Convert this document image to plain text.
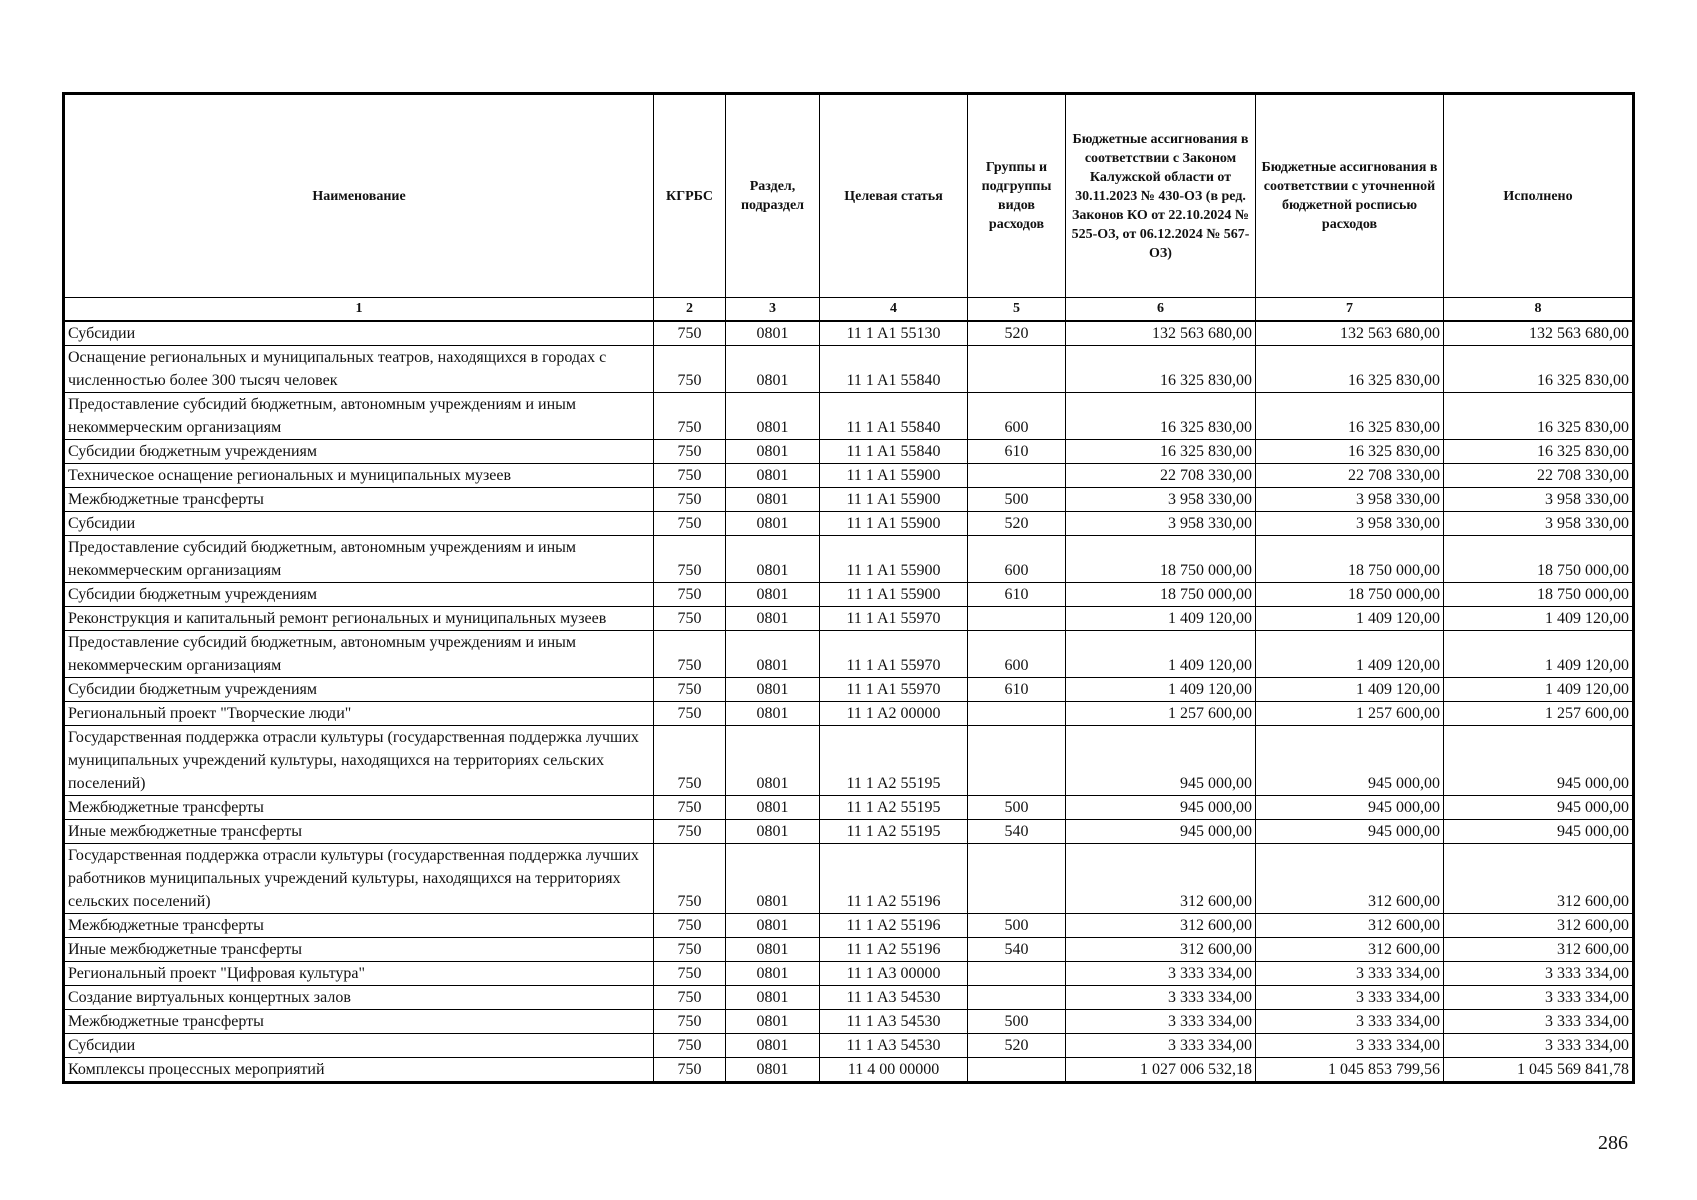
Наименование	КГРБС	Раздел, подраздел	Целевая статья	Группы и подгруппы видов расходов	Бюджетные ассигнования в соответствии с Законом Калужской области от 30.11.2023 № 430-ОЗ (в ред. Законов КО от 22.10.2024 № 525-ОЗ, от 06.12.2024 № 567-ОЗ)	Бюджетные ассигнования в соответствии с уточненной бюджетной росписью расходов	Исполнено
1	2	3	4	5	6	7	8
Субсидии	750	0801	11 1 A1 55130	520	132 563 680,00	132 563 680,00	132 563 680,00
Оснащение региональных и муниципальных театров, находящихся в городах с численностью более 300 тысяч человек	750	0801	11 1 A1 55840		16 325 830,00	16 325 830,00	16 325 830,00
Предоставление субсидий бюджетным, автономным учреждениям и иным некоммерческим организациям	750	0801	11 1 A1 55840	600	16 325 830,00	16 325 830,00	16 325 830,00
Субсидии бюджетным учреждениям	750	0801	11 1 A1 55840	610	16 325 830,00	16 325 830,00	16 325 830,00
Техническое оснащение региональных и муниципальных музеев	750	0801	11 1 A1 55900		22 708 330,00	22 708 330,00	22 708 330,00
Межбюджетные трансферты	750	0801	11 1 A1 55900	500	3 958 330,00	3 958 330,00	3 958 330,00
Субсидии	750	0801	11 1 A1 55900	520	3 958 330,00	3 958 330,00	3 958 330,00
Предоставление субсидий бюджетным, автономным учреждениям и иным некоммерческим организациям	750	0801	11 1 A1 55900	600	18 750 000,00	18 750 000,00	18 750 000,00
Субсидии бюджетным учреждениям	750	0801	11 1 A1 55900	610	18 750 000,00	18 750 000,00	18 750 000,00
Реконструкция и капитальный ремонт региональных и муниципальных музеев	750	0801	11 1 A1 55970		1 409 120,00	1 409 120,00	1 409 120,00
Предоставление субсидий бюджетным, автономным учреждениям и иным некоммерческим организациям	750	0801	11 1 A1 55970	600	1 409 120,00	1 409 120,00	1 409 120,00
Субсидии бюджетным учреждениям	750	0801	11 1 A1 55970	610	1 409 120,00	1 409 120,00	1 409 120,00
Региональный проект "Творческие люди"	750	0801	11 1 A2 00000		1 257 600,00	1 257 600,00	1 257 600,00
Государственная поддержка отрасли культуры (государственная поддержка лучших муниципальных учреждений культуры, находящихся на территориях сельских поселений)	750	0801	11 1 A2 55195		945 000,00	945 000,00	945 000,00
Межбюджетные трансферты	750	0801	11 1 A2 55195	500	945 000,00	945 000,00	945 000,00
Иные межбюджетные трансферты	750	0801	11 1 A2 55195	540	945 000,00	945 000,00	945 000,00
Государственная поддержка отрасли культуры (государственная поддержка лучших работников муниципальных учреждений культуры, находящихся на территориях сельских поселений)	750	0801	11 1 A2 55196		312 600,00	312 600,00	312 600,00
Межбюджетные трансферты	750	0801	11 1 A2 55196	500	312 600,00	312 600,00	312 600,00
Иные межбюджетные трансферты	750	0801	11 1 A2 55196	540	312 600,00	312 600,00	312 600,00
Региональный проект "Цифровая культура"	750	0801	11 1 A3 00000		3 333 334,00	3 333 334,00	3 333 334,00
Создание виртуальных концертных залов	750	0801	11 1 A3 54530		3 333 334,00	3 333 334,00	3 333 334,00
Межбюджетные трансферты	750	0801	11 1 A3 54530	500	3 333 334,00	3 333 334,00	3 333 334,00
Субсидии	750	0801	11 1 A3 54530	520	3 333 334,00	3 333 334,00	3 333 334,00
Комплексы процессных мероприятий	750	0801	11 4 00 00000		1 027 006 532,18	1 045 853 799,56	1 045 569 841,78
286
